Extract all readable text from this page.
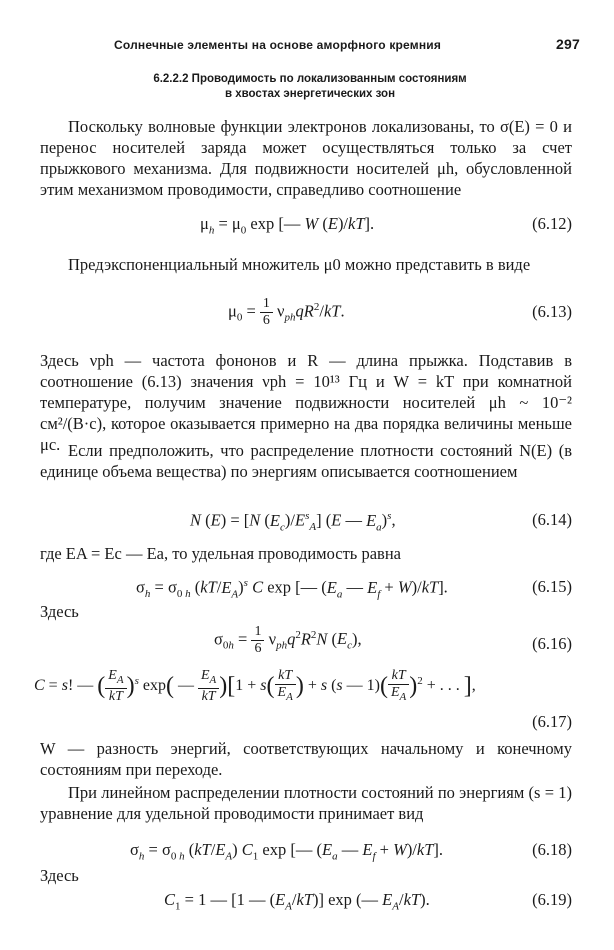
Солнечные элементы на основе аморфного кремния	297
6.2.2.2 Проводимость по локализованным состояниям
в хвостах энергетических зон
Поскольку волновые функции электронов локализованы, то σ(E) = 0 и перенос носителей заряда может осуществляться только за счет прыжкового механизма. Для подвижности носителей μh, обусловленной этим механизмом проводимости, справедливо соотношение
$\mu_h = \mu_0$ exp [— W (E)/kT].	(6.12)
Предэкспоненциальный множитель μ0 можно представить в виде
$\mu_0 = \frac{1}{6} \nu_{ph}qR^2/kT$.	(6.13)
Здесь νph — частота фононов и R — длина прыжка. Подставив в соотношение (6.13) значения νph = 10¹³ Гц и W = kT при комнатной температуре, получим значение подвижности носителей μh ~ 10⁻² см²/(В·с), которое оказывается примерно на два порядка величины меньше μc. Если предположить, что распределение плотности состояний N(E) (в единице объема вещества) по энергиям описывается соотношением
N (E) = [N $(E_c)/E^s_A$] (E — $E_a)^s$,	(6.14)
где EA = Ec — Ea, то удельная проводимость равна
$\sigma_h = \sigma_{0 h}$ $(kT/E_A)^s$ C exp [— ($E_a$ — $E_f + W)/kT$].	(6.15)
Здесь
$\sigma_{0h} = \frac{1}{6} \nu_{ph}q^2R^2N$ $(E_c)$,	(6.16)
C = s! — ( $\frac{E_A}{kT} )^s$ exp( — $\frac{E_A}{kT} )[1 + s( \frac{kT}{E_A}$ ) + s (s — $1)( \frac{kT}{E_A} )^2$ + . . . ],
(6.17)
W — разность энергий, соответствующих начальному и конечному состояниям при переходе.
При линейном распределении плотности состояний по энергиям (s = 1) уравнение для удельной проводимости принимает вид
$\sigma_h = \sigma_{0 h}$ $(kT/E_A)$ $C_1$ exp [— ($E_a$ — $E_f + W)/kT$].	(6.18)
Здесь
$C_1 = 1$ — [1 — $(E_A/kT)$] exp (— $E_A/kT$).	(6.19)
